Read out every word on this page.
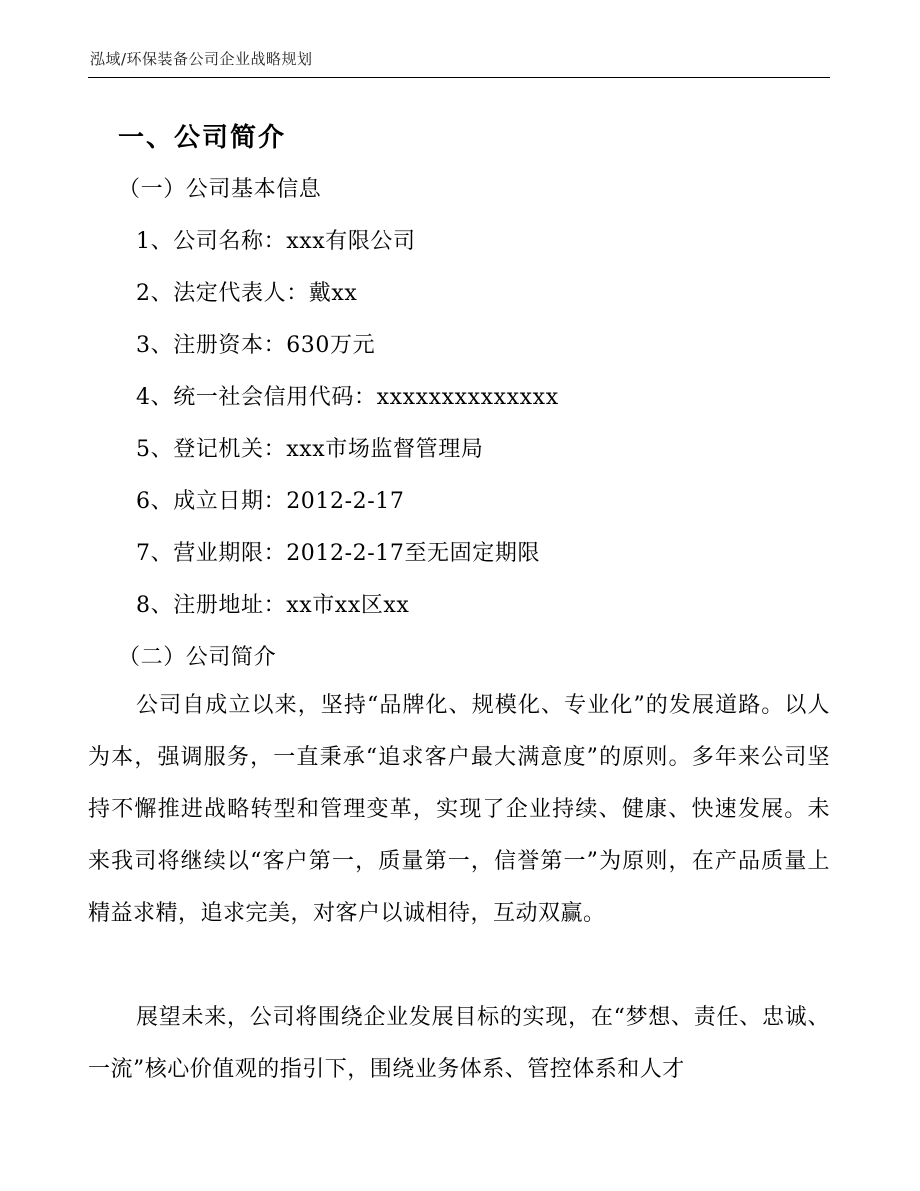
泓域/环保装备公司企业战略规划
一、公司简介
（一）公司基本信息
1、公司名称：xxx有限公司
2、法定代表人：戴xx
3、注册资本：630万元
4、统一社会信用代码：xxxxxxxxxxxxxx
5、登记机关：xxx市场监督管理局
6、成立日期：2012-2-17
7、营业期限：2012-2-17至无固定期限
8、注册地址：xx市xx区xx
（二）公司简介

公司自成立以来，坚持“品牌化、规模化、专业化”的发展道路。以人为本，强调服务，一直秉承“追求客户最大满意度”的原则。多年来公司坚持不懈推进战略转型和管理变革，实现了企业持续、健康、快速发展。未来我司将继续以“客户第一，质量第一，信誉第一”为原则，在产品质量上精益求精，追求完美，对客户以诚相待，互动双赢。

展望未来，公司将围绕企业发展目标的实现，在“梦想、责任、忠诚、一流”核心价值观的指引下，围绕业务体系、管控体系和人才
